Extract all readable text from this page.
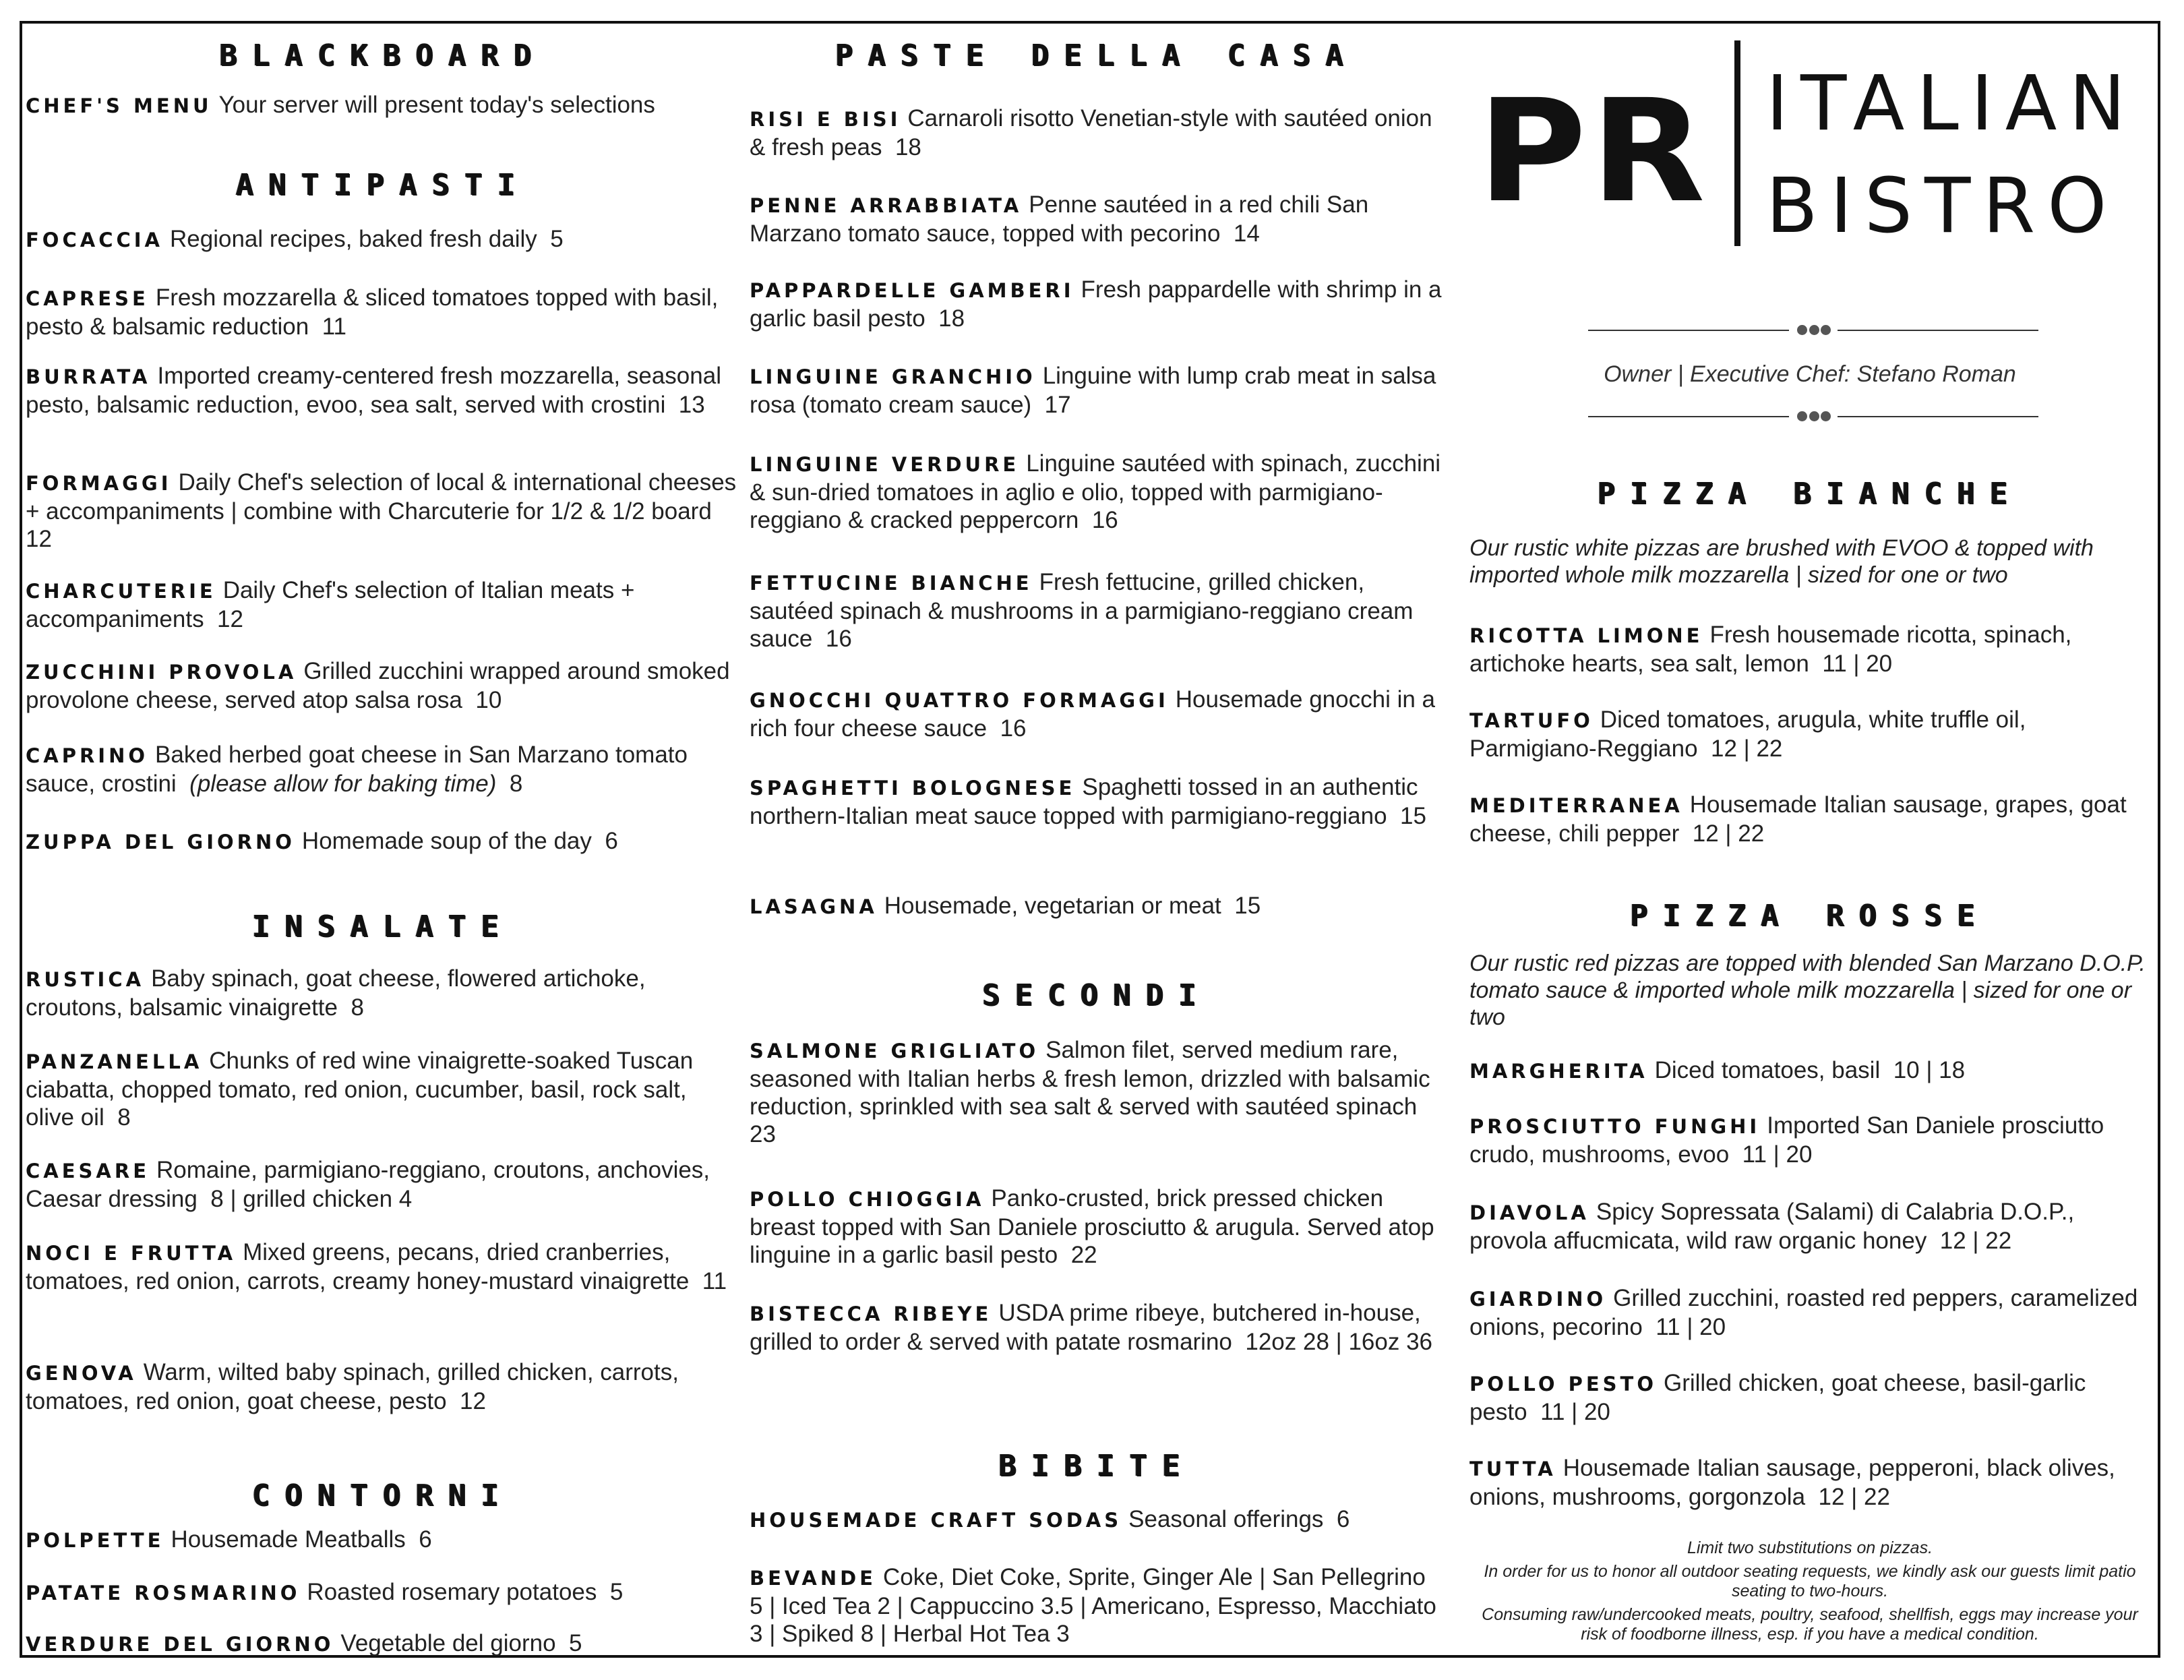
BLACKBOARD
CHEF'S MENU Your server will present today's selections
ANTIPASTI
FOCACCIA Regional recipes, baked fresh daily 5
CAPRESE Fresh mozzarella & sliced tomatoes topped with basil, pesto & balsamic reduction 11
BURRATA Imported creamy-centered fresh mozzarella, seasonal pesto, balsamic reduction, evoo, sea salt, served with crostini 13
FORMAGGI Daily Chef's selection of local & international cheeses + accompaniments | combine with Charcuterie for 1/2 & 1/2 board  12
CHARCUTERIE Daily Chef's selection of Italian meats + accompaniments 12
ZUCCHINI PROVOLA Grilled zucchini wrapped around smoked provolone cheese, served atop salsa rosa 10
CAPRINO Baked herbed goat cheese in San Marzano tomato sauce, crostini (please allow for baking time) 8
ZUPPA DEL GIORNO Homemade soup of the day 6
INSALATE
RUSTICA Baby spinach, goat cheese, flowered artichoke, croutons, balsamic vinaigrette 8
PANZANELLA Chunks of red wine vinaigrette-soaked Tuscan ciabatta, chopped tomato, red onion, cucumber, basil, rock salt, olive oil 8
CAESARE Romaine, parmigiano-reggiano, croutons, anchovies, Caesar dressing 8 | grilled chicken 4
NOCI E FRUTTA Mixed greens, pecans, dried cranberries, tomatoes, red onion, carrots, creamy honey-mustard vinaigrette 11
GENOVA Warm, wilted baby spinach, grilled chicken, carrots, tomatoes, red onion, goat cheese, pesto 12
CONTORNI
POLPETTE Housemade Meatballs 6
PATATE ROSMARINO Roasted rosemary potatoes 5
VERDURE DEL GIORNO Vegetable del giorno 5
PASTE DELLA CASA
RISI E BISI Carnaroli risotto Venetian-style with sautéed onion & fresh peas 18
PENNE ARRABBIATA Penne sautéed in a red chili San Marzano tomato sauce, topped with pecorino 14
PAPPARDELLE GAMBERI Fresh pappardelle with shrimp in a garlic basil pesto 18
LINGUINE GRANCHIO Linguine with lump crab meat in salsa rosa (tomato cream sauce) 17
LINGUINE VERDURE Linguine sautéed with spinach, zucchini & sun-dried tomatoes in aglio e olio, topped with parmigiano-reggiano & cracked peppercorn 16
FETTUCINE BIANCHE Fresh fettucine, grilled chicken, sautéed spinach & mushrooms in a parmigiano-reggiano cream sauce 16
GNOCCHI QUATTRO FORMAGGI Housemade gnocchi in a rich four cheese sauce 16
SPAGHETTI BOLOGNESE Spaghetti tossed in an authentic northern-Italian meat sauce topped with parmigiano-reggiano 15
LASAGNA Housemade, vegetarian or meat 15
SECONDI
SALMONE GRIGLIATO Salmon filet, served medium rare, seasoned with Italian herbs & fresh lemon, drizzled with balsamic reduction, sprinkled with sea salt & served with sautéed spinach  23
POLLO CHIOGGIA Panko-crusted, brick pressed chicken breast topped with San Daniele prosciutto & arugula. Served atop linguine in a garlic basil pesto 22
BISTECCA RIBEYE USDA prime ribeye, butchered in-house, grilled to order & served with patate rosmarino 12oz 28 | 16oz 36
BIBITE
HOUSEMADE CRAFT SODAS Seasonal offerings 6
BEVANDE Coke, Diet Coke, Sprite, Ginger Ale | San Pellegrino 5 | Iced Tea 2 | Cappuccino 3.5 | Americano, Espresso, Macchiato 3 | Spiked 8 | Herbal Hot Tea 3
PR ITALIAN
BISTRO
Owner | Executive Chef: Stefano Roman
PIZZA BIANCHE
Our rustic white pizzas are brushed with EVOO & topped with imported whole milk mozzarella | sized for one or two
RICOTTA LIMONE Fresh housemade ricotta, spinach, artichoke hearts, sea salt, lemon 11 | 20
TARTUFO Diced tomatoes, arugula, white truffle oil, Parmigiano-Reggiano 12 | 22
MEDITERRANEA Housemade Italian sausage, grapes, goat cheese, chili pepper 12 | 22
PIZZA ROSSE
Our rustic red pizzas are topped with blended San Marzano D.O.P. tomato sauce & imported whole milk mozzarella | sized for one or two
MARGHERITA Diced tomatoes, basil 10 | 18
PROSCIUTTO FUNGHI Imported San Daniele prosciutto crudo, mushrooms, evoo 11 | 20
DIAVOLA Spicy Sopressata (Salami) di Calabria D.O.P., provola affucmicata, wild raw organic honey 12 | 22
GIARDINO Grilled zucchini, roasted red peppers, caramelized onions, pecorino 11 | 20
POLLO PESTO Grilled chicken, goat cheese, basil-garlic pesto 11 | 20
TUTTA Housemade Italian sausage, pepperoni, black olives, onions, mushrooms, gorgonzola 12 | 22

Limit two substitutions on pizzas.

In order for us to honor all outdoor seating requests, we kindly ask our guests limit patio seating to two-hours.

Consuming raw/undercooked meats, poultry, seafood, shellfish, eggs may increase your risk of foodborne illness, esp. if you have a medical condition.
